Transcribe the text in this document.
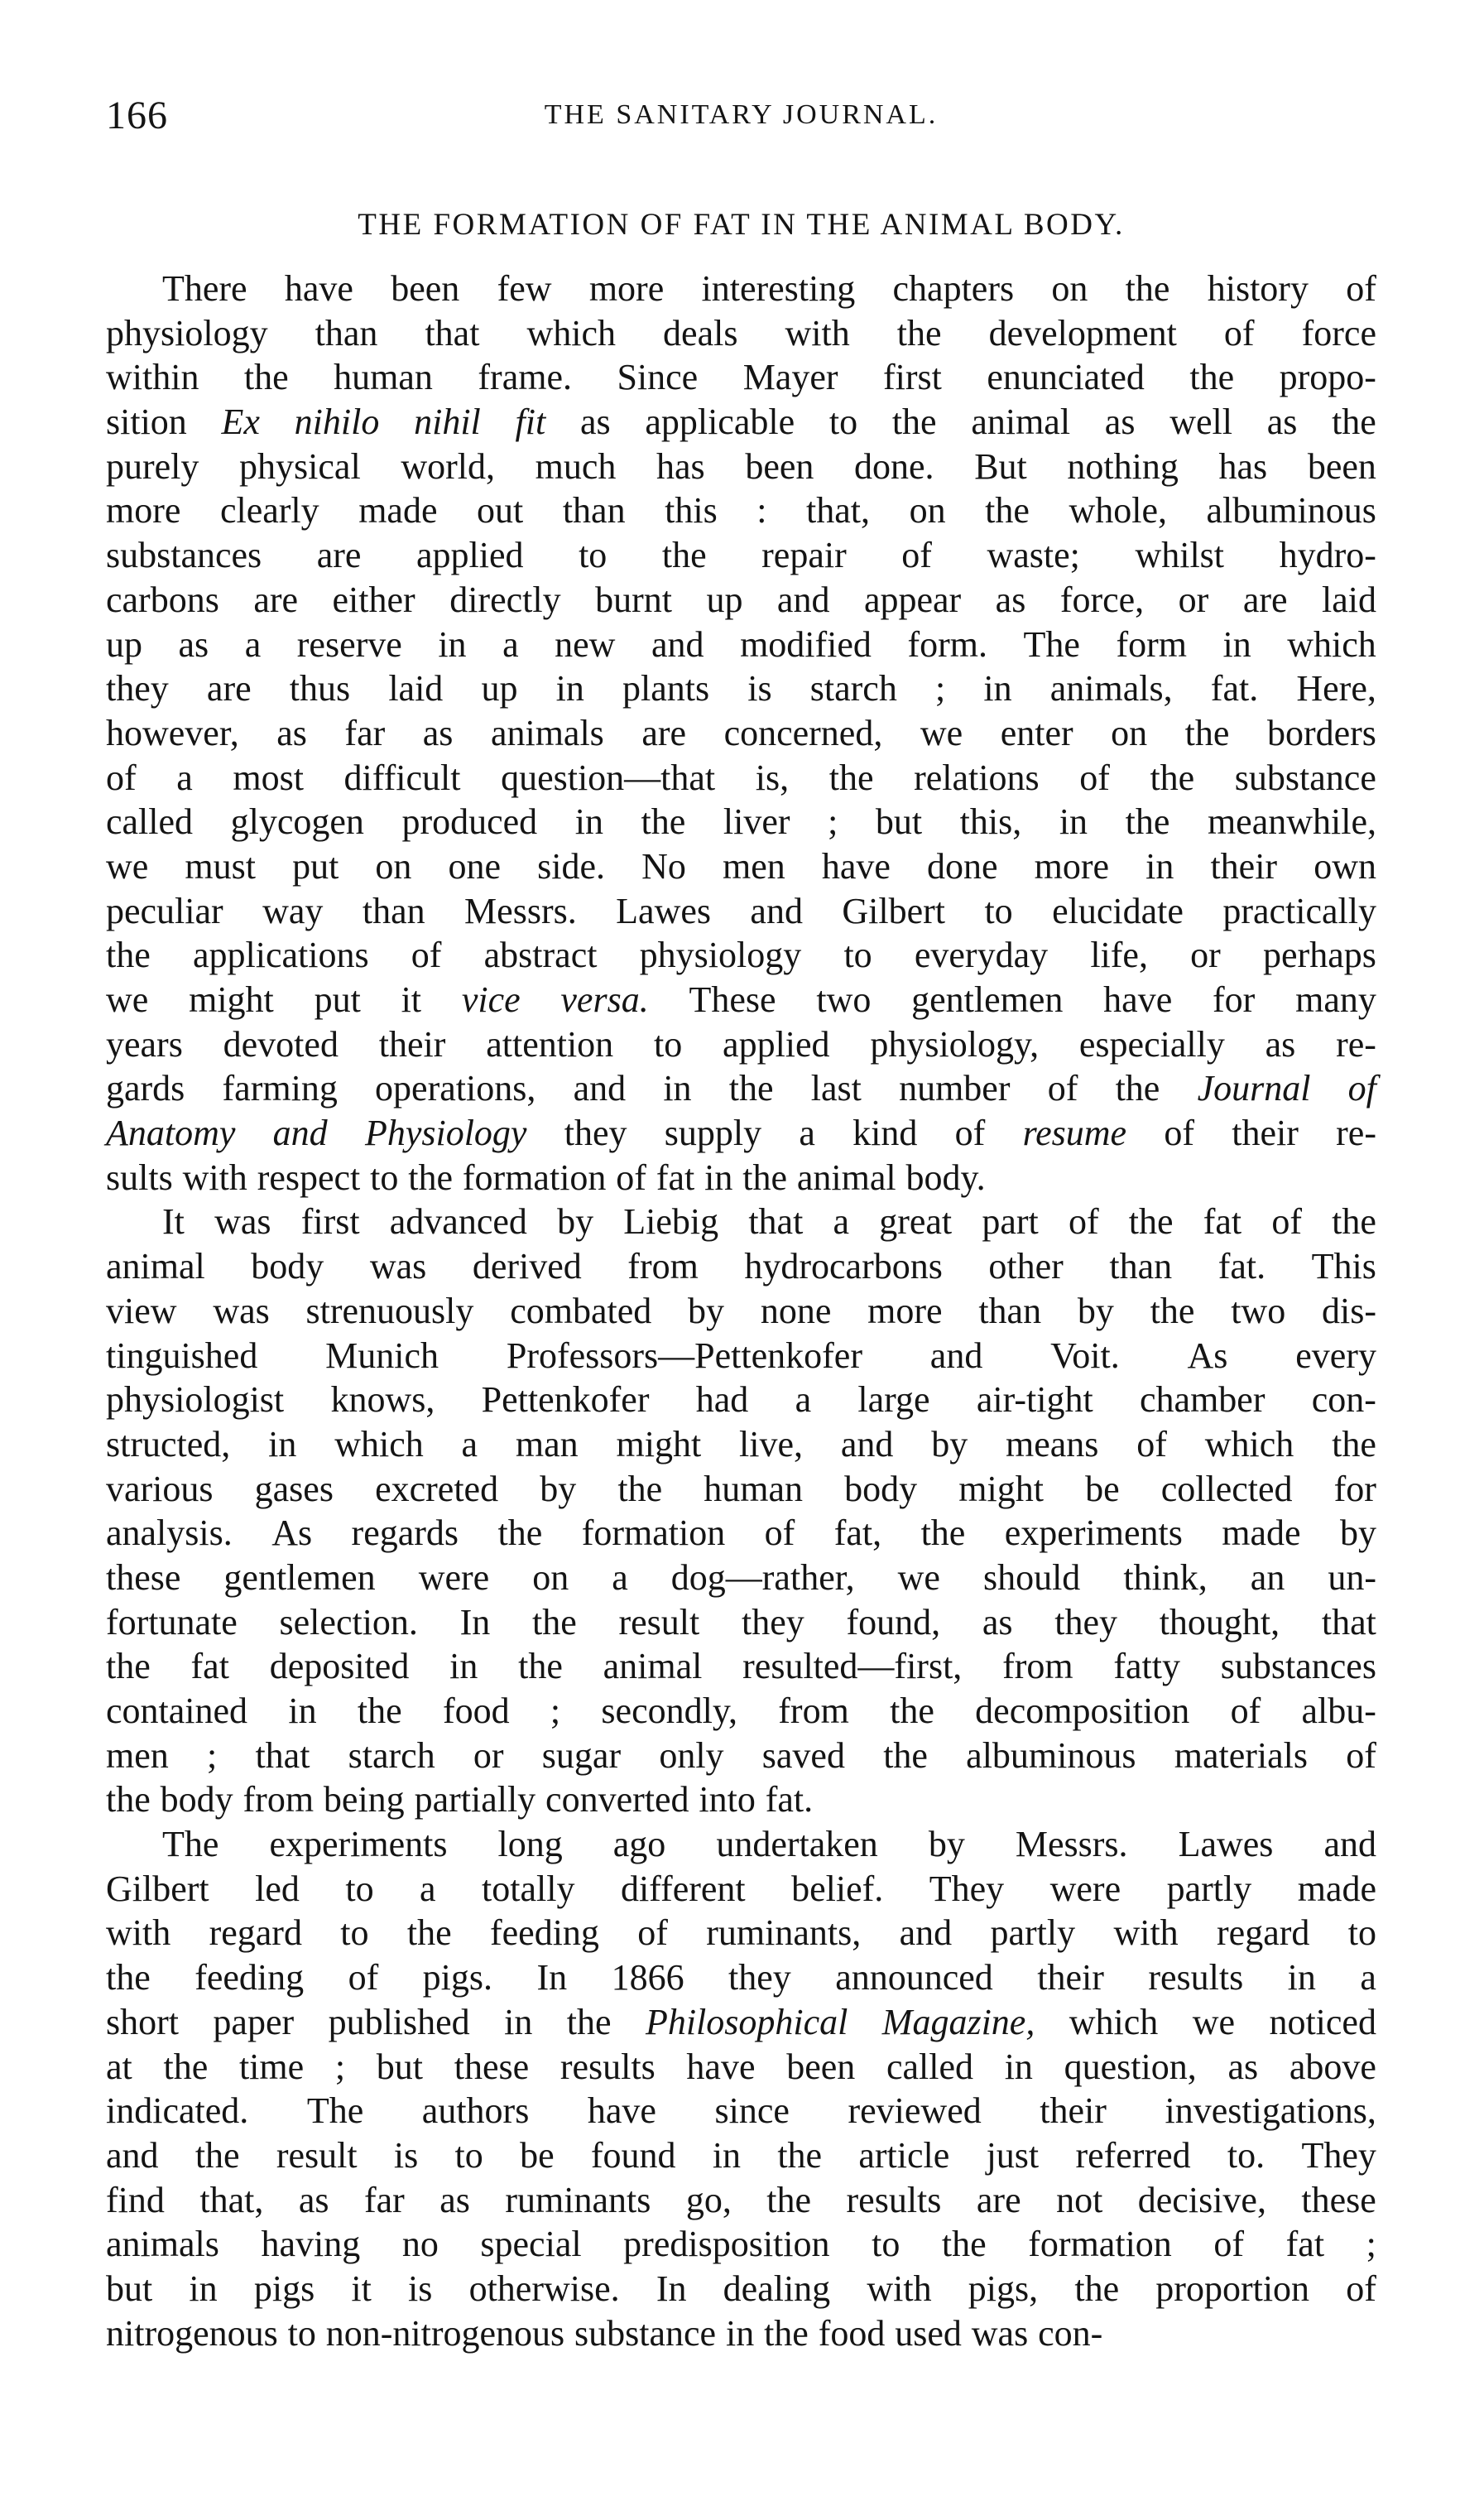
166	THE SANITARY JOURNAL.
THE FORMATION OF FAT IN THE ANIMAL BODY.
There have been few more interesting chapters on the history of
physiology than that which deals with the development of force
within the human frame. Since Mayer first enunciated the propo-
sition Ex nihilo nihil fit as applicable to the animal as well as the
purely physical world, much has been done. But nothing has been
more clearly made out than this : that, on the whole, albuminous
substances are applied to the repair of waste; whilst hydro-
carbons are either directly burnt up and appear as force, or are laid
up as a reserve in a new and modified form. The form in which
they are thus laid up in plants is starch ; in animals, fat. Here,
however, as far as animals are concerned, we enter on the borders
of a most difficult question—that is, the relations of the substance
called glycogen produced in the liver ; but this, in the meanwhile,
we must put on one side. No men have done more in their own
peculiar way than Messrs. Lawes and Gilbert to elucidate practically
the applications of abstract physiology to everyday life, or perhaps
we might put it vice versa. These two gentlemen have for many
years devoted their attention to applied physiology, especially as re-
gards farming operations, and in the last number of the Journal of
Anatomy and Physiology they supply a kind of resume of their re-
sults with respect to the formation of fat in the animal body.
It was first advanced by Liebig that a great part of the fat of the
animal body was derived from hydrocarbons other than fat. This
view was strenuously combated by none more than by the two dis-
tinguished Munich Professors—Pettenkofer and Voit. As every
physiologist knows, Pettenkofer had a large air-tight chamber con-
structed, in which a man might live, and by means of which the
various gases excreted by the human body might be collected for
analysis. As regards the formation of fat, the experiments made by
these gentlemen were on a dog—rather, we should think, an un-
fortunate selection. In the result they found, as they thought, that
the fat deposited in the animal resulted—first, from fatty substances
contained in the food ; secondly, from the decomposition of albu-
men ; that starch or sugar only saved the albuminous materials of
the body from being partially converted into fat.
The experiments long ago undertaken by Messrs. Lawes and
Gilbert led to a totally different belief. They were partly made
with regard to the feeding of ruminants, and partly with regard to
the feeding of pigs. In 1866 they announced their results in a
short paper published in the Philosophical Magazine, which we noticed
at the time ; but these results have been called in question, as above
indicated. The authors have since reviewed their investigations,
and the result is to be found in the article just referred to. They
find that, as far as ruminants go, the results are not decisive, these
animals having no special predisposition to the formation of fat ;
but in pigs it is otherwise. In dealing with pigs, the proportion of
nitrogenous to non-nitrogenous substance in the food used was con-
